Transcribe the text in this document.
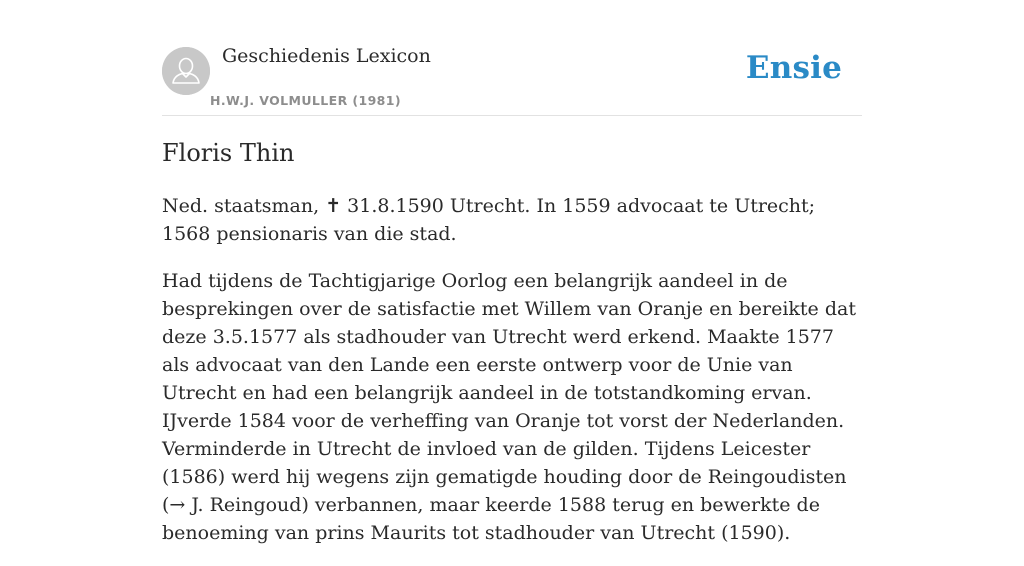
Geschiedenis Lexicon
H.W.J. VOLMULLER (1981)
Ensie
Floris Thin

Ned. staatsman, ✝ 31.8.1590 Utrecht. In 1559 advocaat te Utrecht; 1568 pensionaris van die stad.

Had tijdens de Tachtigjarige Oorlog een belangrijk aandeel in de besprekingen over de satisfactie met Willem van Oranje en bereikte dat deze 3.5.1577 als stadhouder van Utrecht werd erkend. Maakte 1577 als advocaat van den Lande een eerste ontwerp voor de Unie van Utrecht en had een belangrijk aandeel in de totstandkoming ervan. IJverde 1584 voor de verheffing van Oranje tot vorst der Nederlanden. Verminderde in Utrecht de invloed van de gilden. Tijdens Leicester (1586) werd hij wegens zijn gematigde houding door de Reingoudisten (→ J. Reingoud) verbannen, maar keerde 1588 terug en bewerkte de benoeming van prins Maurits tot stadhouder van Utrecht (1590).
